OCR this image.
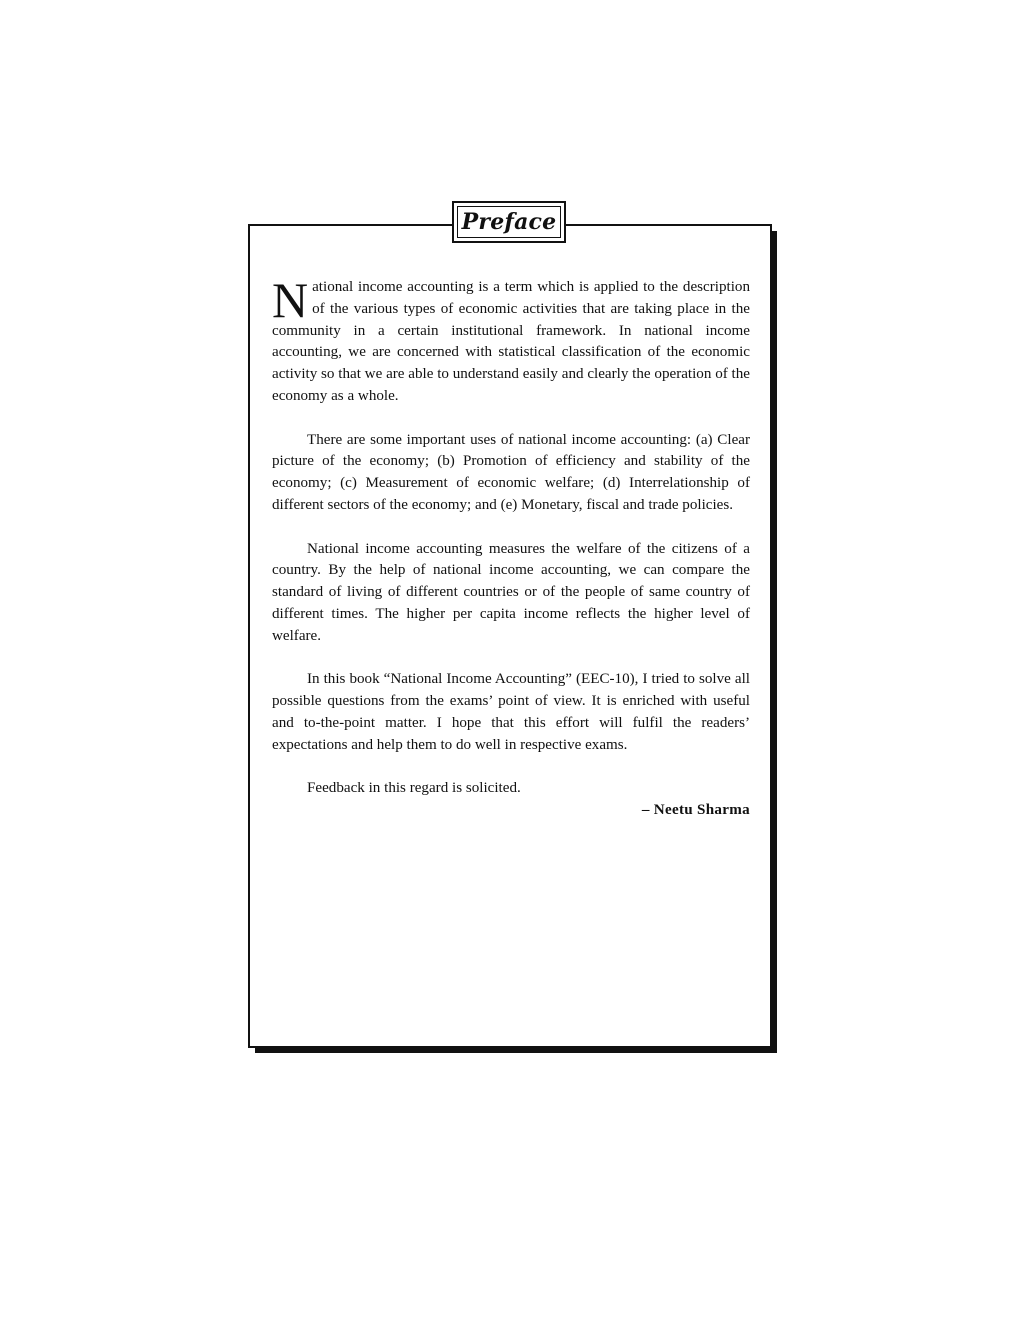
Preface

National income accounting is a term which is applied to the description of the various types of economic activities that are taking place in the community in a certain institutional framework. In national income accounting, we are concerned with statistical classification of the economic activity so that we are able to understand easily and clearly the operation of the economy as a whole.

There are some important uses of national income accounting: (a) Clear picture of the economy; (b) Promotion of efficiency and stability of the economy; (c) Measurement of economic welfare; (d) Interrelationship of different sectors of the economy; and (e) Monetary, fiscal and trade policies.

National income accounting measures the welfare of the citizens of a country. By the help of national income accounting, we can compare the standard of living of different countries or of the people of same country of different times. The higher per capita income reflects the higher level of welfare.

In this book “National Income Accounting” (EEC-10), I tried to solve all possible questions from the exams’ point of view. It is enriched with useful and to-the-point matter. I hope that this effort will fulfil the readers’ expectations and help them to do well in respective exams.

Feedback in this regard is solicited.

– Neetu Sharma
